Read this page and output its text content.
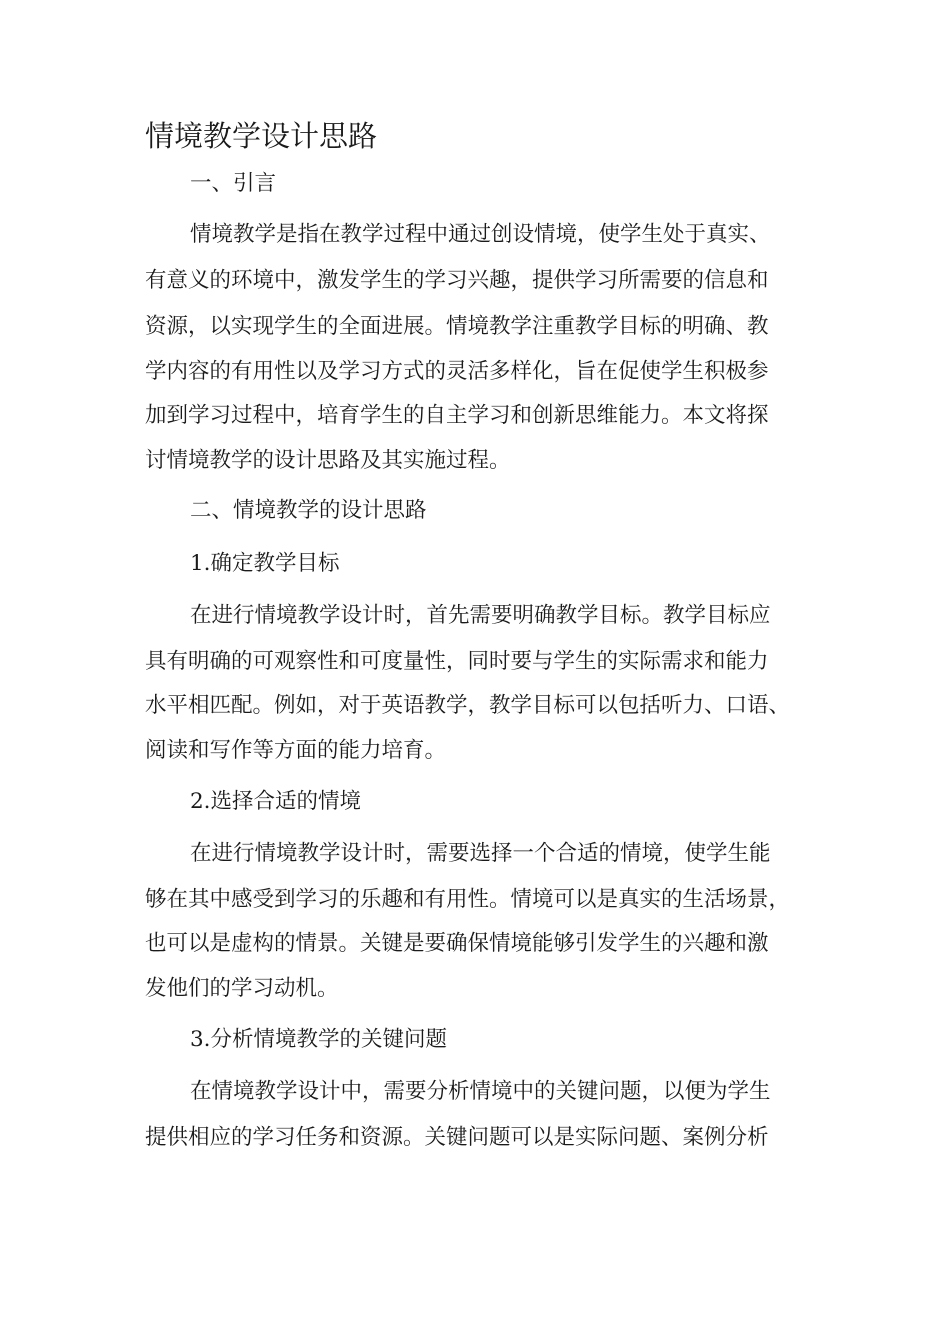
情境教学设计思路

一、引言

情境教学是指在教学过程中通过创设情境，使学生处于真实、

有意义的环境中，激发学生的学习兴趣，提供学习所需要的信息和

资源，以实现学生的全面进展。情境教学注重教学目标的明确、教

学内容的有用性以及学习方式的灵活多样化，旨在促使学生积极参

加到学习过程中，培育学生的自主学习和创新思维能力。本文将探

讨情境教学的设计思路及其实施过程。

二、情境教学的设计思路

1.确定教学目标

在进行情境教学设计时，首先需要明确教学目标。教学目标应

具有明确的可观察性和可度量性，同时要与学生的实际需求和能力

水平相匹配。例如，对于英语教学，教学目标可以包括听力、口语、

阅读和写作等方面的能力培育。

2.选择合适的情境

在进行情境教学设计时，需要选择一个合适的情境，使学生能

够在其中感受到学习的乐趣和有用性。情境可以是真实的生活场景，

也可以是虚构的情景。关键是要确保情境能够引发学生的兴趣和激

发他们的学习动机。

3.分析情境教学的关键问题

在情境教学设计中，需要分析情境中的关键问题，以便为学生

提供相应的学习任务和资源。关键问题可以是实际问题、案例分析
